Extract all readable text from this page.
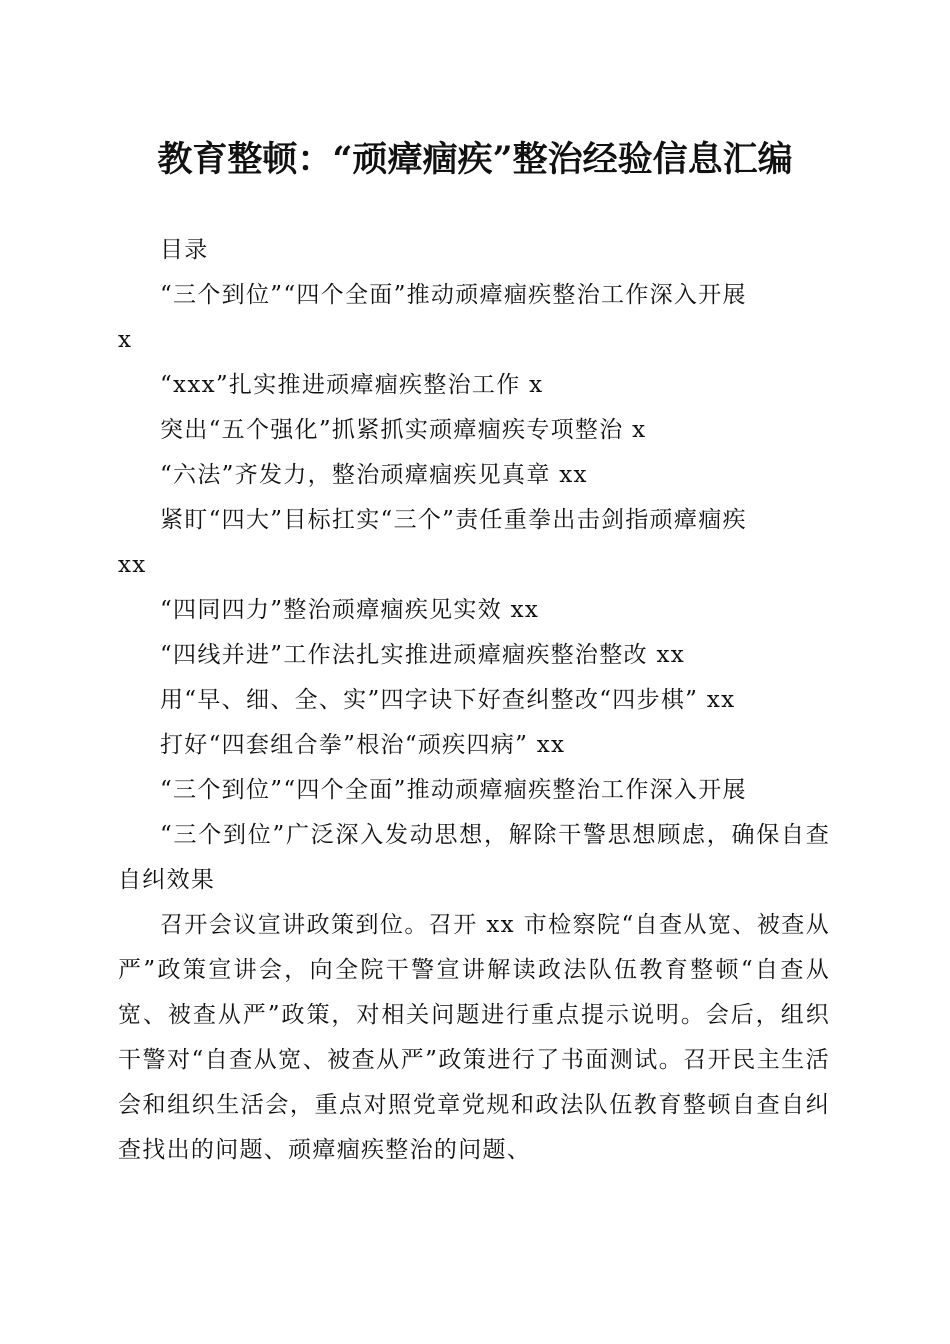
教育整顿：“顽瘴痼疾”整治经验信息汇编
目录
“三个到位”“四个全面”推动顽瘴痼疾整治工作深入开展
x
“xxx”扎实推进顽瘴痼疾整治工作 x
突出“五个强化”抓紧抓实顽瘴痼疾专项整治 x
“六法”齐发力，整治顽瘴痼疾见真章 xx
紧盯“四大”目标扛实“三个”责任重拳出击剑指顽瘴痼疾
xx
“四同四力”整治顽瘴痼疾见实效 xx
“四线并进”工作法扎实推进顽瘴痼疾整治整改 xx
用“早、细、全、实”四字诀下好查纠整改“四步棋” xx
打好“四套组合拳”根治“顽疾四病” xx
“三个到位”“四个全面”推动顽瘴痼疾整治工作深入开展
“三个到位”广泛深入发动思想，解除干警思想顾虑，确保自查自纠效果
召开会议宣讲政策到位。召开 xx 市检察院“自查从宽、被查从严”政策宣讲会，向全院干警宣讲解读政法队伍教育整顿“自查从宽、被查从严”政策，对相关问题进行重点提示说明。会后，组织干警对“自查从宽、被查从严”政策进行了书面测试。召开民主生活会和组织生活会，重点对照党章党规和政法队伍教育整顿自查自纠查找出的问题、顽瘴痼疾整治的问题、
